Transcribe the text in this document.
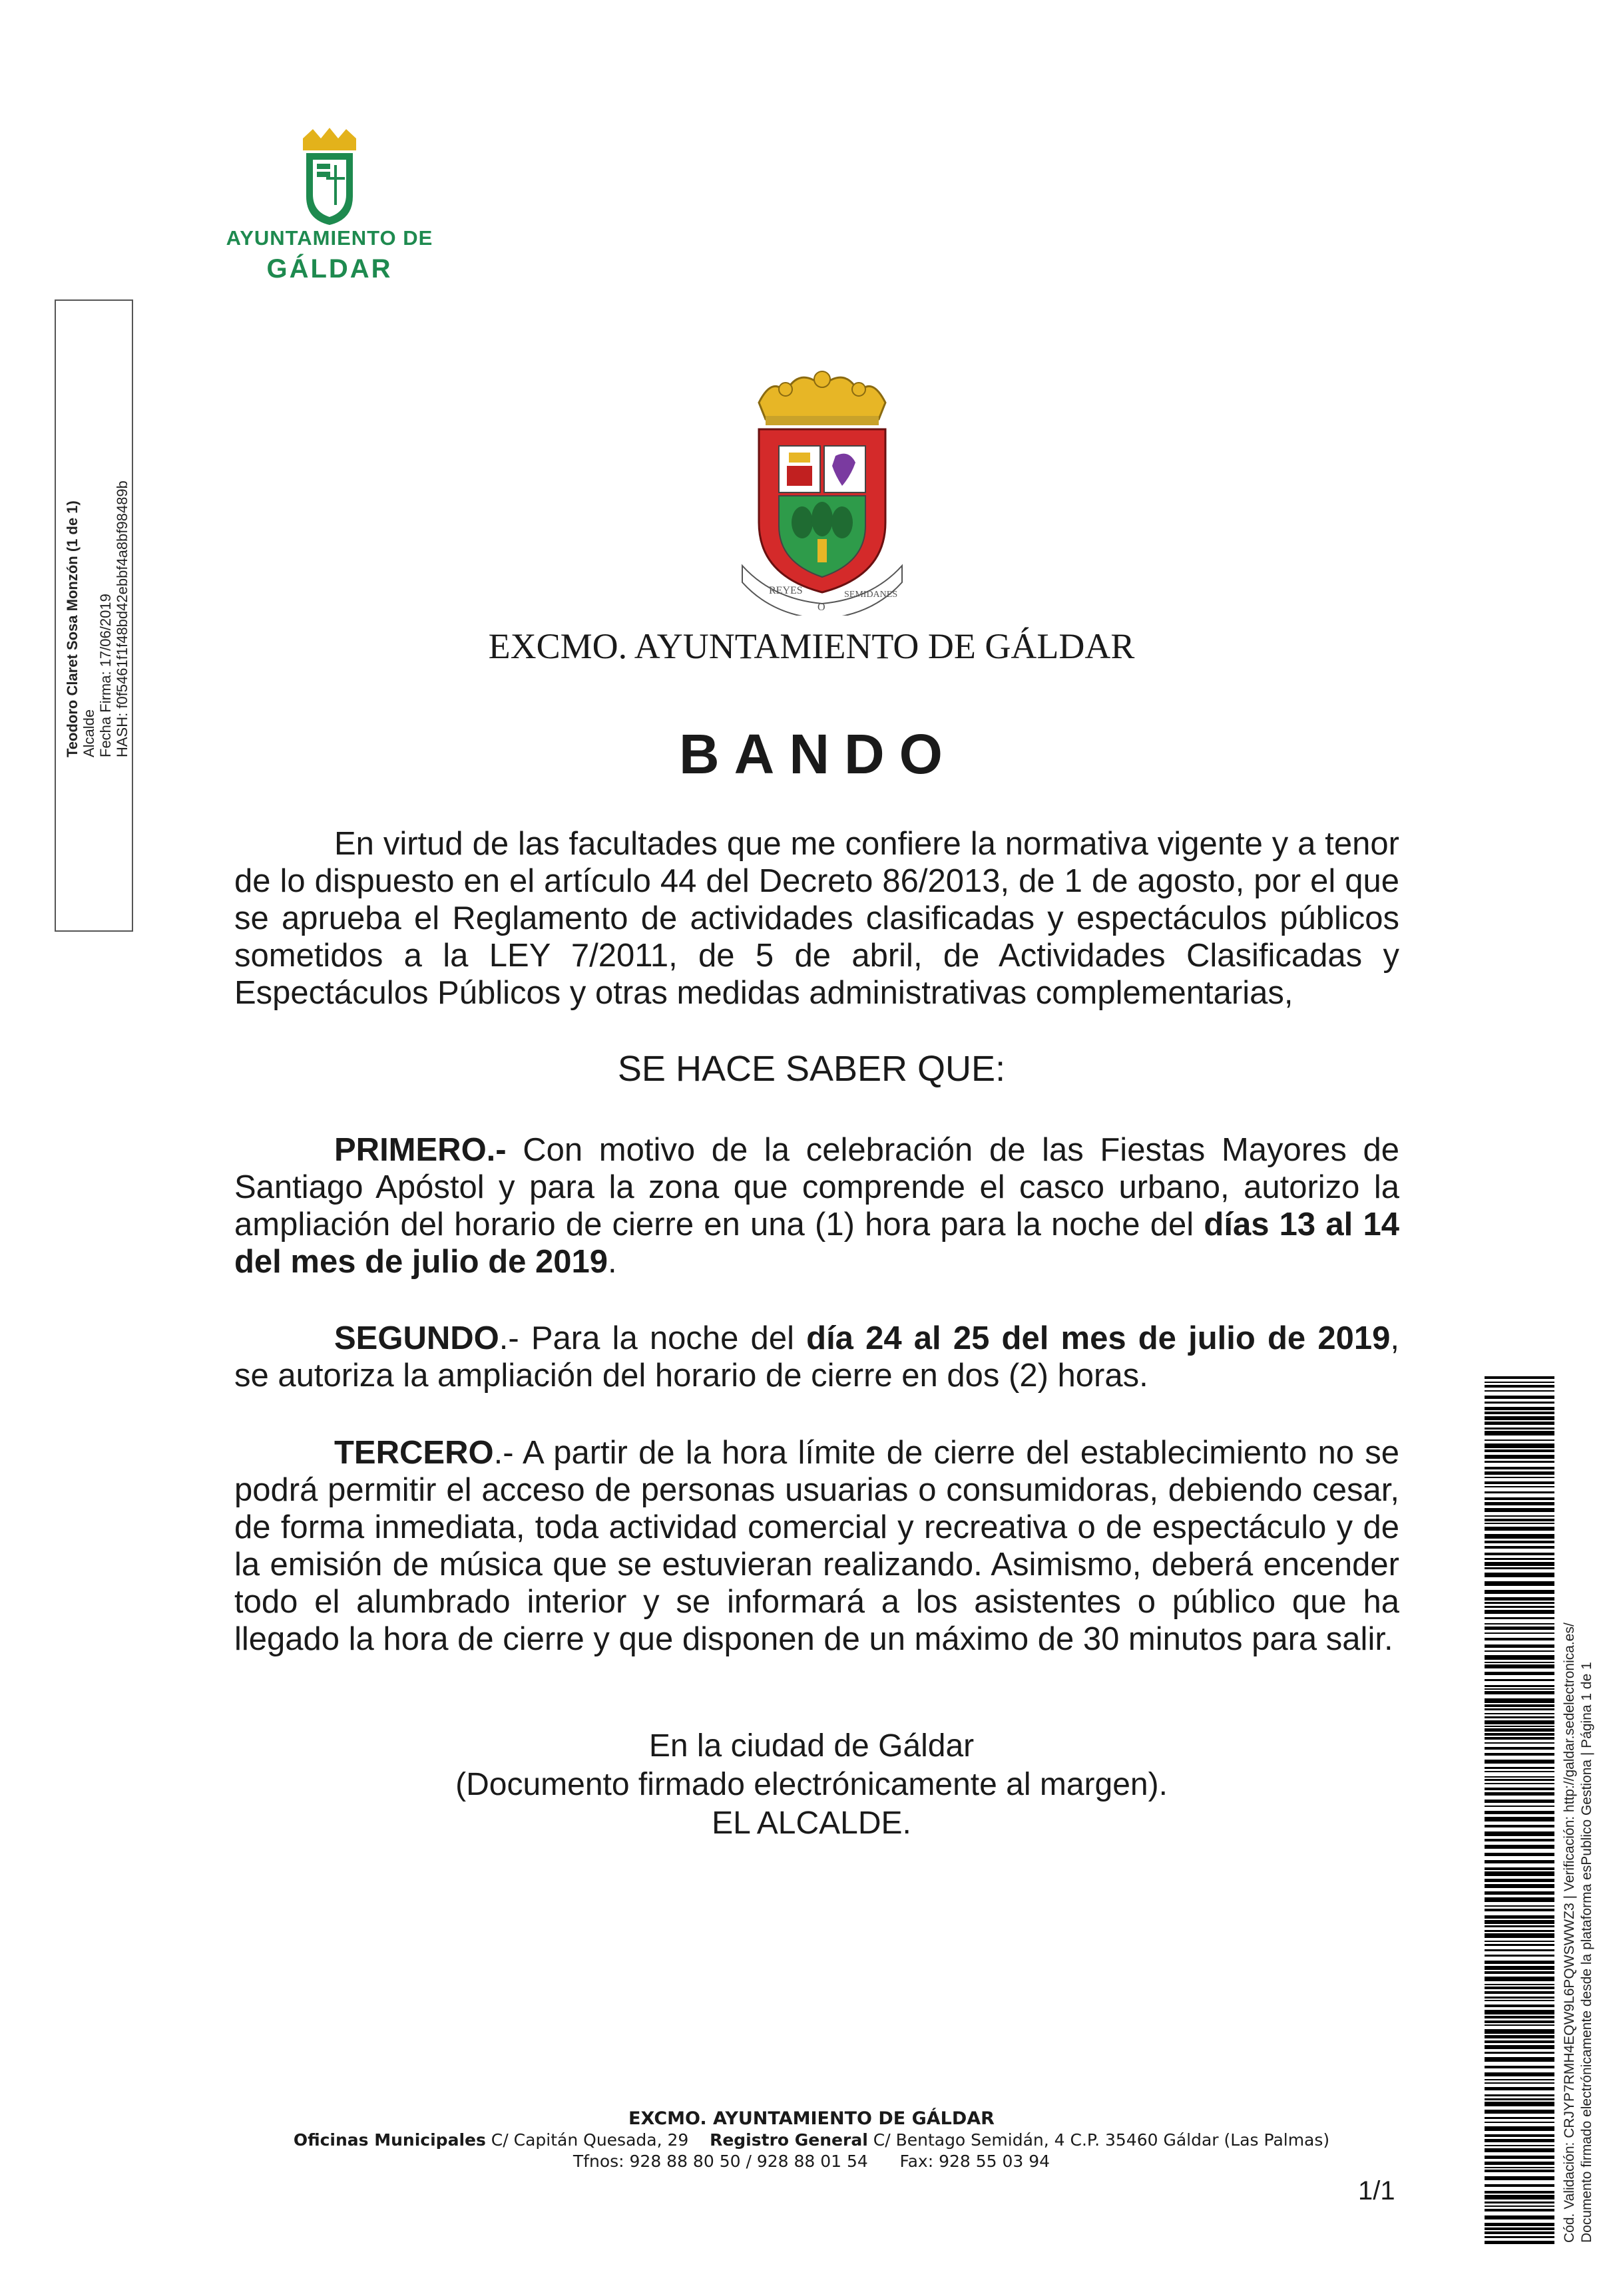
AYUNTAMIENTO DE
GÁLDAR
Teodoro Claret Sosa Monzón (1 de 1) Alcalde Fecha Firma: 17/06/2019 HASH: f0f5461f1f48bd42ebbf4a8bf98489b	REYES
O
SEMIDANES
EXCMO. AYUNTAMIENTO DE GÁLDAR
BANDO
En virtud de las facultades que me confiere la normativa vigente y a tenor de lo dispuesto en el artículo 44 del Decreto 86/2013, de 1 de agosto, por el que se aprueba el Reglamento de actividades clasificadas y espectáculos públicos sometidos a la LEY 7/2011, de 5 de abril, de Actividades Clasificadas y Espectáculos Públicos y otras medidas administrativas complementarias,
SE HACE SABER QUE:
PRIMERO.- Con motivo de la celebración de las Fiestas Mayores de Santiago Apóstol y para la zona que comprende el casco urbano, autorizo la ampliación del horario de cierre en una (1) hora para la noche del días 13 al 14 del mes de julio de 2019.
SEGUNDO.- Para la noche del día 24 al 25 del mes de julio de 2019, se autoriza la ampliación del horario de cierre en dos (2) horas.
TERCERO.- A partir de la hora límite de cierre del establecimiento no se podrá permitir el acceso de personas usuarias o consumidoras, debiendo cesar, de forma inmediata, toda actividad comercial y recreativa o de espectáculo y de la emisión de música que se estuvieran realizando. Asimismo, deberá encender todo el alumbrado interior y se informará a los asistentes o público que ha llegado la hora de cierre y que disponen de un máximo de 30 minutos para salir.
En la ciudad de Gáldar
(Documento firmado electrónicamente al margen).
EL ALCALDE.
EXCMO. AYUNTAMIENTO DE GÁLDAR
Oficinas Municipales C/ Capitán Quesada, 29 Registro General C/ Bentago Semidán, 4 C.P. 35460 Gáldar (Las Palmas)
Tfnos: 928 88 80 50 / 928 88 01 54 Fax: 928 55 03 94
1/1	Cód. Validación: CRJYP7RMH4EQW9L6PQWSWWZ3 | Verificación: http://galdar.sedelectronica.es/ Documento firmado electrónicamente desde la plataforma esPublico Gestiona | Página 1 de 1
